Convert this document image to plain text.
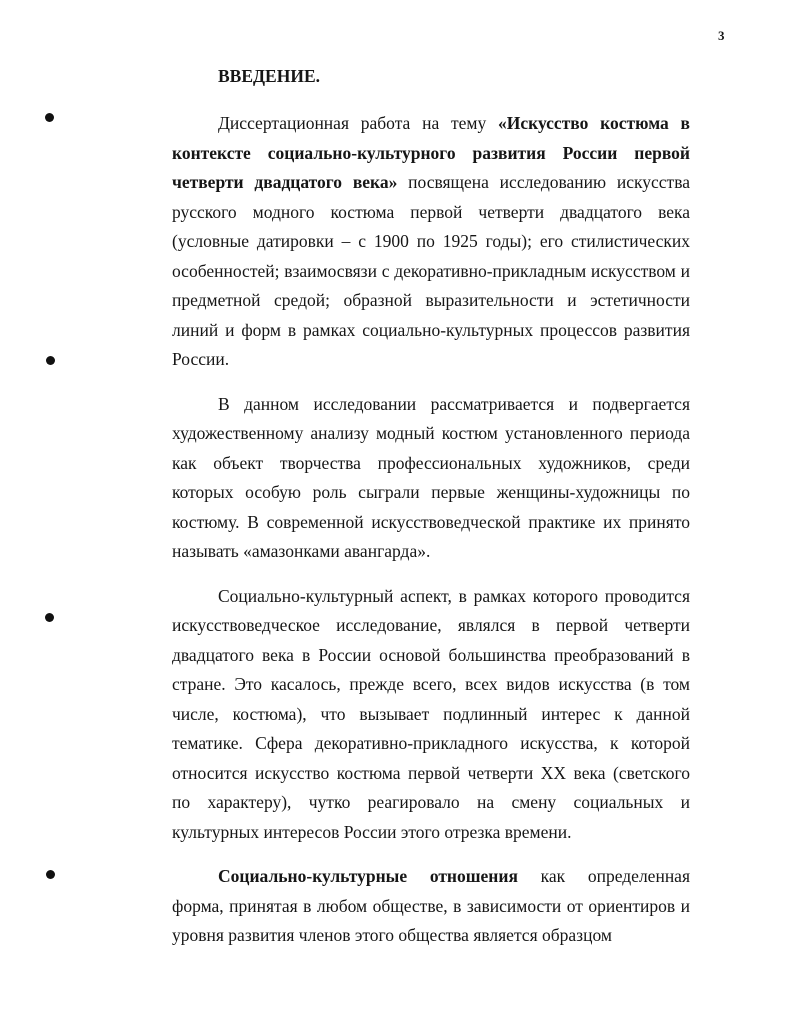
3
ВВЕДЕНИЕ.

Диссертационная работа на тему «Искусство костюма в контексте социально-культурного развития России первой четверти двадцатого века» посвящена исследованию искусства русского модного костюма первой четверти двадцатого века (условные датировки – с 1900 по 1925 годы); его стилистических особенностей; взаимосвязи с декоративно-прикладным искусством и предметной средой; образной выразительности и эстетичности линий и форм в рамках социально-культурных процессов развития России.

В данном исследовании рассматривается и подвергается художественному анализу модный костюм установленного периода как объект творчества профессиональных художников, среди которых особую роль сыграли первые женщины-художницы по костюму. В современной искусствоведческой практике их принято называть «амазонками авангарда».

Социально-культурный аспект, в рамках которого проводится искусствоведческое исследование, являлся в первой четверти двадцатого века в России основой большинства преобразований в стране. Это касалось, прежде всего, всех видов искусства (в том числе, костюма), что вызывает подлинный интерес к данной тематике. Сфера декоративно-прикладного искусства, к которой относится искусство костюма первой четверти XX века (светского по характеру), чутко реагировало на смену социальных и культурных интересов России этого отрезка времени.

Социально-культурные отношения как определенная форма, принятая в любом обществе, в зависимости от ориентиров и уровня развития членов этого общества является образцом
